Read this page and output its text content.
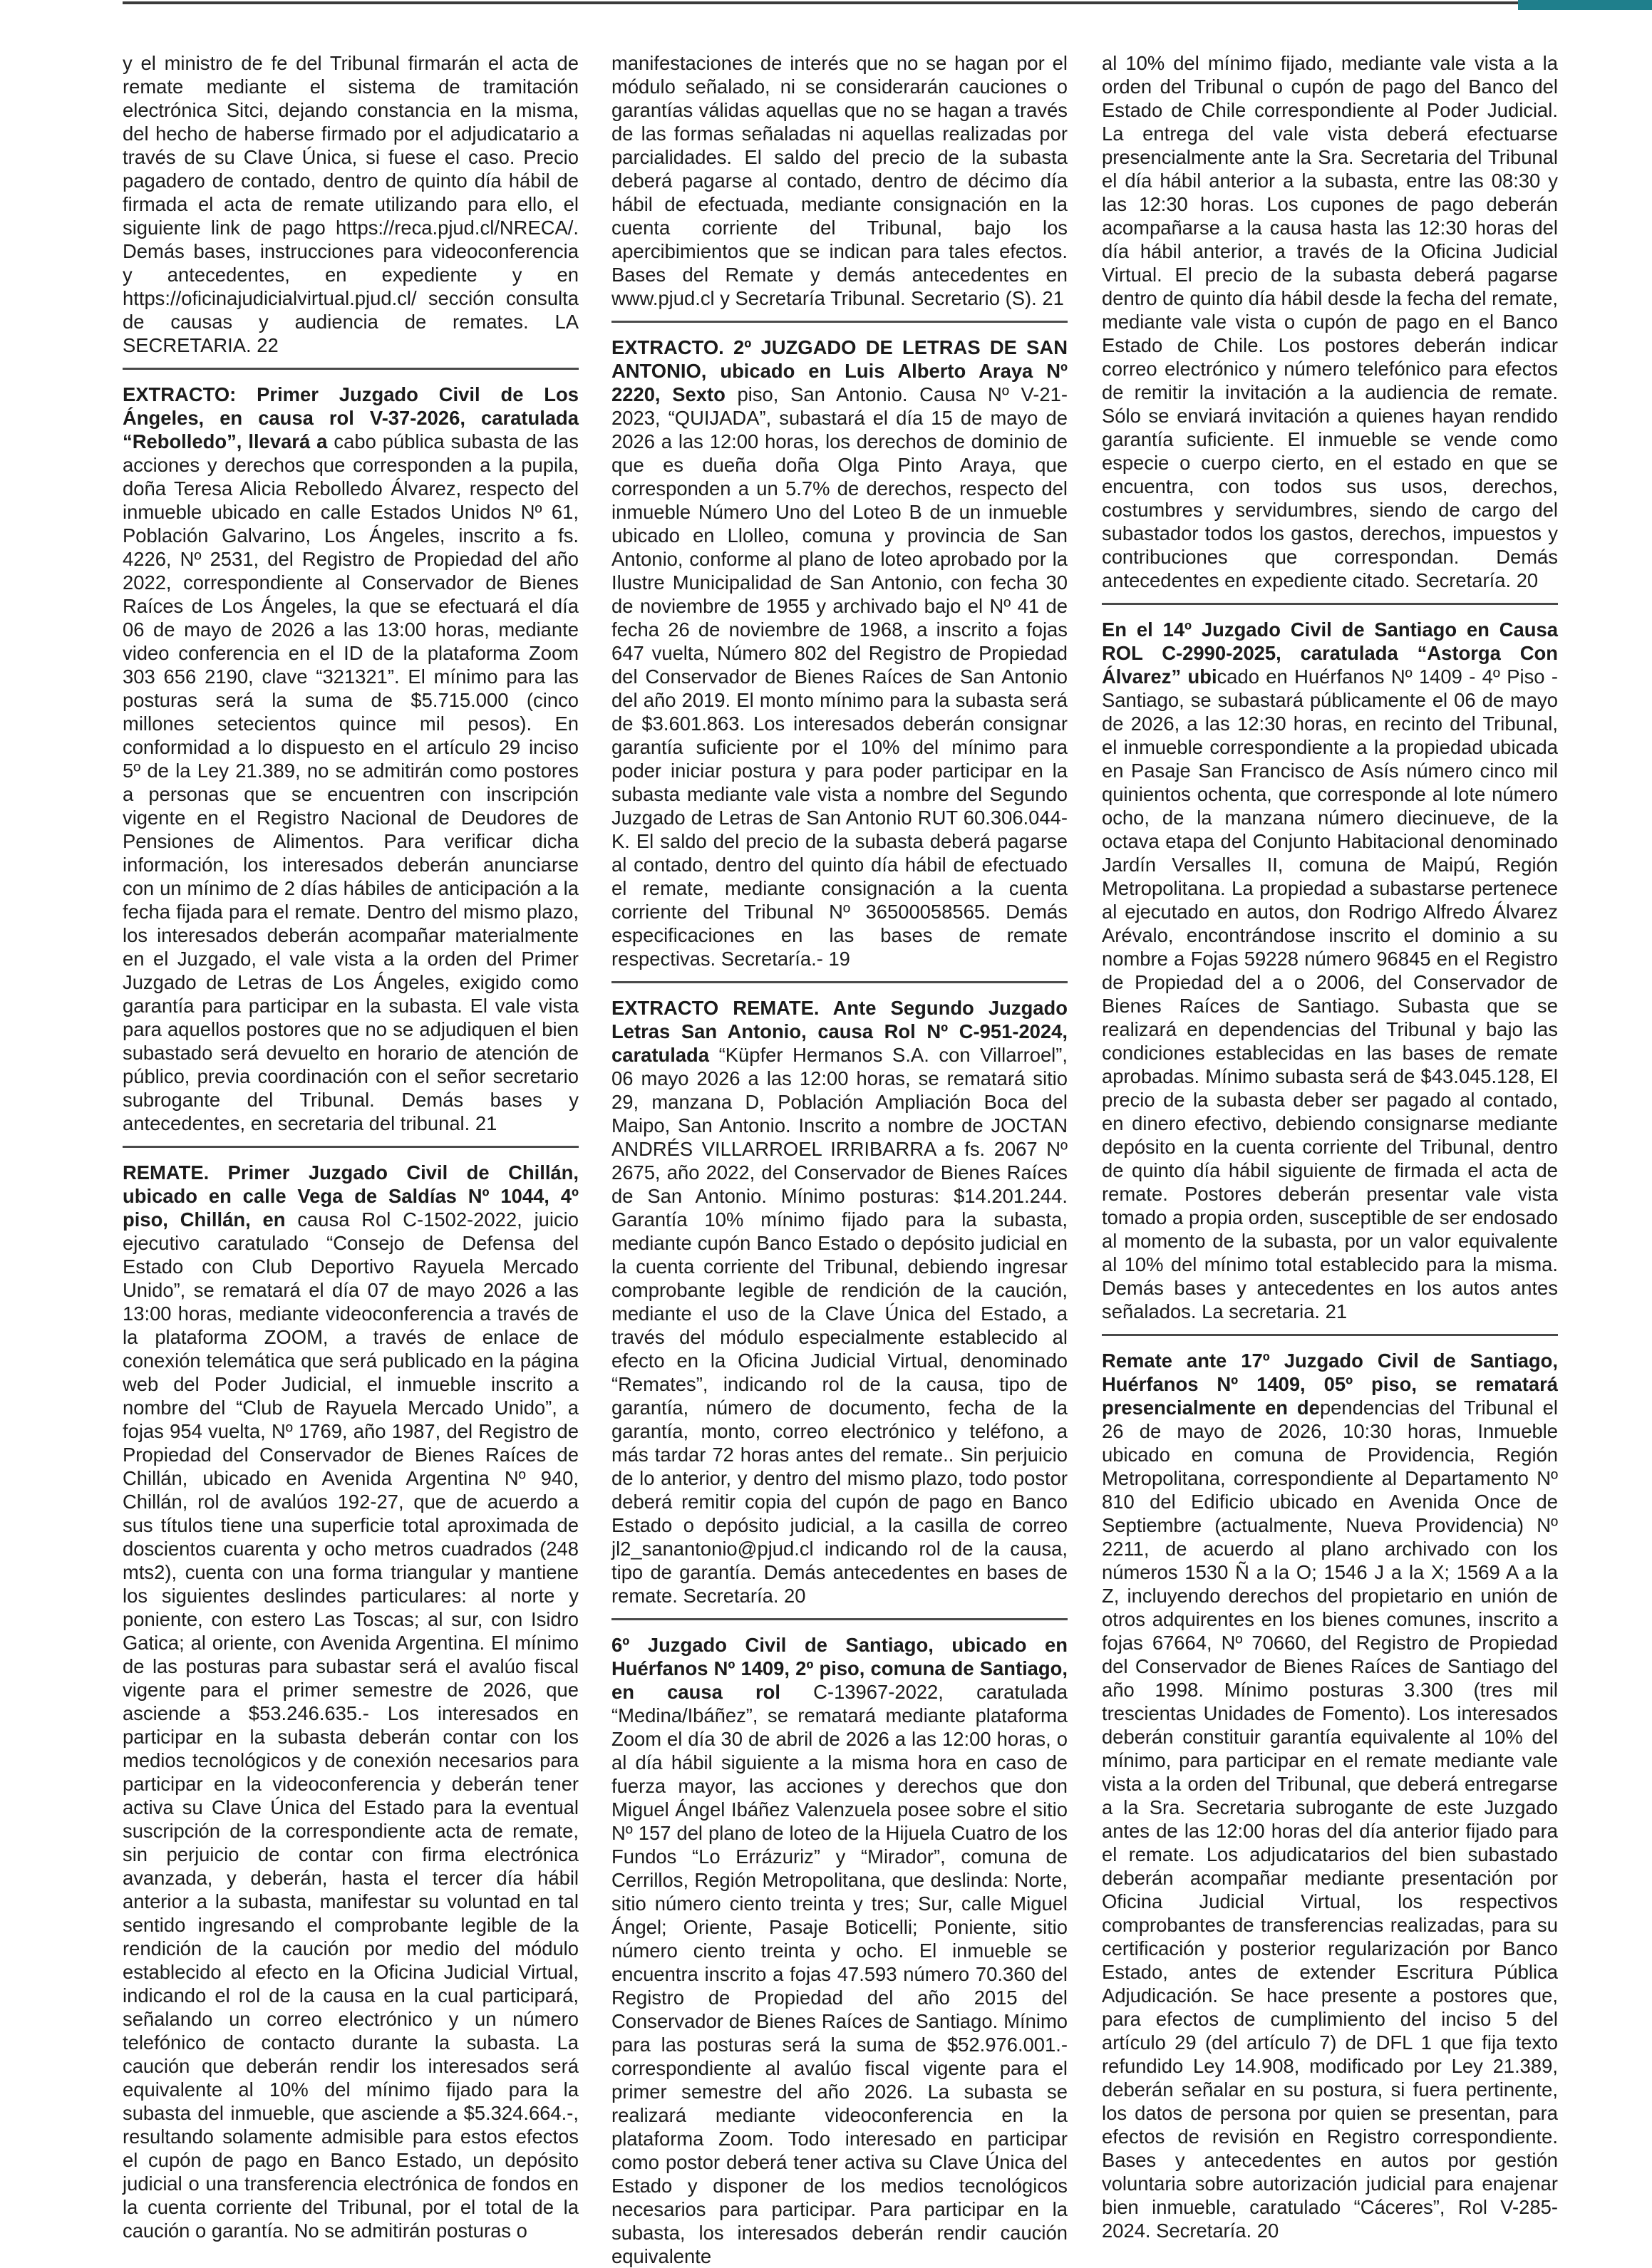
y el ministro de fe del Tribunal firmarán el acta de remate mediante el sistema de tramitación electrónica Sitci, dejando constancia en la misma, del hecho de haberse firmado por el adjudicatario a través de su Clave Única, si fuese el caso. Precio pagadero de contado, dentro de quinto día hábil de firmada el acta de remate utilizando para ello, el siguiente link de pago https://reca.pjud.cl/NRECA/. Demás bases, instrucciones para videoconferencia y antecedentes, en expediente y en https://oficinajudicialvirtual.pjud.cl/ sección consulta de causas y audiencia de remates. LA SECRETARIA. 22

EXTRACTO: Primer Juzgado Civil de Los Ángeles, en causa rol V-37-2026, caratulada “Rebolledo”, llevará a cabo pública subasta de las acciones y derechos que corresponden a la pupila, doña Teresa Alicia Rebolledo Álvarez, respecto del inmueble ubicado en calle Estados Unidos Nº 61, Población Galvarino, Los Ángeles, inscrito a fs. 4226, Nº 2531, del Registro de Propiedad del año 2022, correspondiente al Conservador de Bienes Raíces de Los Ángeles, la que se efectuará el día 06 de mayo de 2026 a las 13:00 horas, mediante video conferencia en el ID de la plataforma Zoom 303 656 2190, clave “321321”. El mínimo para las posturas será la suma de $5.715.000 (cinco millones setecientos quince mil pesos). En conformidad a lo dispuesto en el artículo 29 inciso 5º de la Ley 21.389, no se admitirán como postores a personas que se encuentren con inscripción vigente en el Registro Nacional de Deudores de Pensiones de Alimentos. Para verificar dicha información, los interesados deberán anunciarse con un mínimo de 2 días hábiles de anticipación a la fecha fijada para el remate. Dentro del mismo plazo, los interesados deberán acompañar materialmente en el Juzgado, el vale vista a la orden del Primer Juzgado de Letras de Los Ángeles, exigido como garantía para participar en la subasta. El vale vista para aquellos postores que no se adjudiquen el bien subastado será devuelto en horario de atención de público, previa coordinación con el señor secretario subrogante del Tribunal. Demás bases y antecedentes, en secretaria del tribunal. 21

REMATE. Primer Juzgado Civil de Chillán, ubicado en calle Vega de Saldías Nº 1044, 4º piso, Chillán, en causa Rol C-1502-2022, juicio ejecutivo caratulado “Consejo de Defensa del Estado con Club Deportivo Rayuela Mercado Unido”, se rematará el día 07 de mayo 2026 a las 13:00 horas, mediante videoconferencia a través de la plataforma ZOOM, a través de enlace de conexión telemática que será publicado en la página web del Poder Judicial, el inmueble inscrito a nombre del “Club de Rayuela Mercado Unido”, a fojas 954 vuelta, Nº 1769, año 1987, del Registro de Propiedad del Conservador de Bienes Raíces de Chillán, ubicado en Avenida Argentina Nº 940, Chillán, rol de avalúos 192-27, que de acuerdo a sus títulos tiene una superficie total aproximada de doscientos cuarenta y ocho metros cuadrados (248 mts2), cuenta con una forma triangular y mantiene los siguientes deslindes particulares: al norte y poniente, con estero Las Toscas; al sur, con Isidro Gatica; al oriente, con Avenida Argentina. El mínimo de las posturas para subastar será el avalúo fiscal vigente para el primer semestre de 2026, que asciende a $53.246.635.- Los interesados en participar en la subasta deberán contar con los medios tecnológicos y de conexión necesarios para participar en la videoconferencia y deberán tener activa su Clave Única del Estado para la eventual suscripción de la correspondiente acta de remate, sin perjuicio de contar con firma electrónica avanzada, y deberán, hasta el tercer día hábil anterior a la subasta, manifestar su voluntad en tal sentido ingresando el comprobante legible de la rendición de la caución por medio del módulo establecido al efecto en la Oficina Judicial Virtual, indicando el rol de la causa en la cual participará, señalando un correo electrónico y un número telefónico de contacto durante la subasta. La caución que deberán rendir los interesados será equivalente al 10% del mínimo fijado para la subasta del inmueble, que asciende a $5.324.664.-, resultando solamente admisible para estos efectos el cupón de pago en Banco Estado, un depósito judicial o una transferencia electrónica de fondos en la cuenta corriente del Tribunal, por el total de la caución o garantía. No se admitirán posturas o

manifestaciones de interés que no se hagan por el módulo señalado, ni se considerarán cauciones o garantías válidas aquellas que no se hagan a través de las formas señaladas ni aquellas realizadas por parcialidades. El saldo del precio de la subasta deberá pagarse al contado, dentro de décimo día hábil de efectuada, mediante consignación en la cuenta corriente del Tribunal, bajo los apercibimientos que se indican para tales efectos. Bases del Remate y demás antecedentes en www.pjud.cl y Secretaría Tribunal. Secretario (S). 21

EXTRACTO. 2º JUZGADO DE LETRAS DE SAN ANTONIO, ubicado en Luis Alberto Araya Nº 2220, Sexto piso, San Antonio. Causa Nº V-21-2023, “QUIJADA”, subastará el día 15 de mayo de 2026 a las 12:00 horas, los derechos de dominio de que es dueña doña Olga Pinto Araya, que corresponden a un 5.7% de derechos, respecto del inmueble Número Uno del Loteo B de un inmueble ubicado en Llolleo, comuna y provincia de San Antonio, conforme al plano de loteo aprobado por la Ilustre Municipalidad de San Antonio, con fecha 30 de noviembre de 1955 y archivado bajo el Nº 41 de fecha 26 de noviembre de 1968, a inscrito a fojas 647 vuelta, Número 802 del Registro de Propiedad del Conservador de Bienes Raíces de San Antonio del año 2019. El monto mínimo para la subasta será de $3.601.863. Los interesados deberán consignar garantía suficiente por el 10% del mínimo para poder iniciar postura y para poder participar en la subasta mediante vale vista a nombre del Segundo Juzgado de Letras de San Antonio RUT 60.306.044-K. El saldo del precio de la subasta deberá pagarse al contado, dentro del quinto día hábil de efectuado el remate, mediante consignación a la cuenta corriente del Tribunal Nº 36500058565. Demás especificaciones en las bases de remate respectivas. Secretaría.- 19

EXTRACTO REMATE. Ante Segundo Juzgado Letras San Antonio, causa Rol Nº C-951-2024, caratulada “Küpfer Hermanos S.A. con Villarroel”, 06 mayo 2026 a las 12:00 horas, se rematará sitio 29, manzana D, Población Ampliación Boca del Maipo, San Antonio. Inscrito a nombre de JOCTAN ANDRÉS VILLARROEL IRRIBARRA a fs. 2067 Nº 2675, año 2022, del Conservador de Bienes Raíces de San Antonio. Mínimo posturas: $14.201.244. Garantía 10% mínimo fijado para la subasta, mediante cupón Banco Estado o depósito judicial en la cuenta corriente del Tribunal, debiendo ingresar comprobante legible de rendición de la caución, mediante el uso de la Clave Única del Estado, a través del módulo especialmente establecido al efecto en la Oficina Judicial Virtual, denominado “Remates”, indicando rol de la causa, tipo de garantía, número de documento, fecha de la garantía, monto, correo electrónico y teléfono, a más tardar 72 horas antes del remate.. Sin perjuicio de lo anterior, y dentro del mismo plazo, todo postor deberá remitir copia del cupón de pago en Banco Estado o depósito judicial, a la casilla de correo jl2_sanantonio@pjud.cl indicando rol de la causa, tipo de garantía. Demás antecedentes en bases de remate. Secretaría. 20

6º Juzgado Civil de Santiago, ubicado en Huérfanos Nº 1409, 2º piso, comuna de Santiago, en causa rol C-13967-2022, caratulada “Medina/Ibáñez”, se rematará mediante plataforma Zoom el día 30 de abril de 2026 a las 12:00 horas, o al día hábil siguiente a la misma hora en caso de fuerza mayor, las acciones y derechos que don Miguel Ángel Ibáñez Valenzuela posee sobre el sitio Nº 157 del plano de loteo de la Hijuela Cuatro de los Fundos “Lo Errázuriz” y “Mirador”, comuna de Cerrillos, Región Metropolitana, que deslinda: Norte, sitio número ciento treinta y tres; Sur, calle Miguel Ángel; Oriente, Pasaje Boticelli; Poniente, sitio número ciento treinta y ocho. El inmueble se encuentra inscrito a fojas 47.593 número 70.360 del Registro de Propiedad del año 2015 del Conservador de Bienes Raíces de Santiago. Mínimo para las posturas será la suma de $52.976.001.- correspondiente al avalúo fiscal vigente para el primer semestre del año 2026. La subasta se realizará mediante videoconferencia en la plataforma Zoom. Todo interesado en participar como postor deberá tener activa su Clave Única del Estado y disponer de los medios tecnológicos necesarios para participar. Para participar en la subasta, los interesados deberán rendir caución equivalente

al 10% del mínimo fijado, mediante vale vista a la orden del Tribunal o cupón de pago del Banco del Estado de Chile correspondiente al Poder Judicial. La entrega del vale vista deberá efectuarse presencialmente ante la Sra. Secretaria del Tribunal el día hábil anterior a la subasta, entre las 08:30 y las 12:30 horas. Los cupones de pago deberán acompañarse a la causa hasta las 12:30 horas del día hábil anterior, a través de la Oficina Judicial Virtual. El precio de la subasta deberá pagarse dentro de quinto día hábil desde la fecha del remate, mediante vale vista o cupón de pago en el Banco Estado de Chile. Los postores deberán indicar correo electrónico y número telefónico para efectos de remitir la invitación a la audiencia de remate. Sólo se enviará invitación a quienes hayan rendido garantía suficiente. El inmueble se vende como especie o cuerpo cierto, en el estado en que se encuentra, con todos sus usos, derechos, costumbres y servidumbres, siendo de cargo del subastador todos los gastos, derechos, impuestos y contribuciones que correspondan. Demás antecedentes en expediente citado. Secretaría. 20

En el 14º Juzgado Civil de Santiago en Causa ROL C-2990-2025, caratulada “Astorga Con Álvarez” ubicado en Huérfanos Nº 1409 - 4º Piso - Santiago, se subastará públicamente el 06 de mayo de 2026, a las 12:30 horas, en recinto del Tribunal, el inmueble correspondiente a la propiedad ubicada en Pasaje San Francisco de Asís número cinco mil quinientos ochenta, que corresponde al lote número ocho, de la manzana número diecinueve, de la octava etapa del Conjunto Habitacional denominado Jardín Versalles II, comuna de Maipú, Región Metropolitana. La propiedad a subastarse pertenece al ejecutado en autos, don Rodrigo Alfredo Álvarez Arévalo, encontrándose inscrito el dominio a su nombre a Fojas 59228 número 96845 en el Registro de Propiedad del a o 2006, del Conservador de Bienes Raíces de Santiago. Subasta que se realizará en dependencias del Tribunal y bajo las condiciones establecidas en las bases de remate aprobadas. Mínimo subasta será de $43.045.128, El precio de la subasta deber ser pagado al contado, en dinero efectivo, debiendo consignarse mediante depósito en la cuenta corriente del Tribunal, dentro de quinto día hábil siguiente de firmada el acta de remate. Postores deberán presentar vale vista tomado a propia orden, susceptible de ser endosado al momento de la subasta, por un valor equivalente al 10% del mínimo total establecido para la misma. Demás bases y antecedentes en los autos antes señalados. La secretaria. 21

Remate ante 17º Juzgado Civil de Santiago, Huérfanos Nº 1409, 05º piso, se rematará presencialmente en dependencias del Tribunal el 26 de mayo de 2026, 10:30 horas, Inmueble ubicado en comuna de Providencia, Región Metropolitana, correspondiente al Departamento Nº 810 del Edificio ubicado en Avenida Once de Septiembre (actualmente, Nueva Providencia) Nº 2211, de acuerdo al plano archivado con los números 1530 Ñ a la O; 1546 J a la X; 1569 A a la Z, incluyendo derechos del propietario en unión de otros adquirentes en los bienes comunes, inscrito a fojas 67664, Nº 70660, del Registro de Propiedad del Conservador de Bienes Raíces de Santiago del año 1998. Mínimo posturas 3.300 (tres mil trescientas Unidades de Fomento). Los interesados deberán constituir garantía equivalente al 10% del mínimo, para participar en el remate mediante vale vista a la orden del Tribunal, que deberá entregarse a la Sra. Secretaria subrogante de este Juzgado antes de las 12:00 horas del día anterior fijado para el remate. Los adjudicatarios del bien subastado deberán acompañar mediante presentación por Oficina Judicial Virtual, los respectivos comprobantes de transferencias realizadas, para su certificación y posterior regularización por Banco Estado, antes de extender Escritura Pública Adjudicación. Se hace presente a postores que, para efectos de cumplimiento del inciso 5 del artículo 29 (del artículo 7) de DFL 1 que fija texto refundido Ley 14.908, modificado por Ley 21.389, deberán señalar en su postura, si fuera pertinente, los datos de persona por quien se presentan, para efectos de revisión en Registro correspondiente. Bases y antecedentes en autos por gestión voluntaria sobre autorización judicial para enajenar bien inmueble, caratulado “Cáceres”, Rol V-285-2024. Secretaría. 20
